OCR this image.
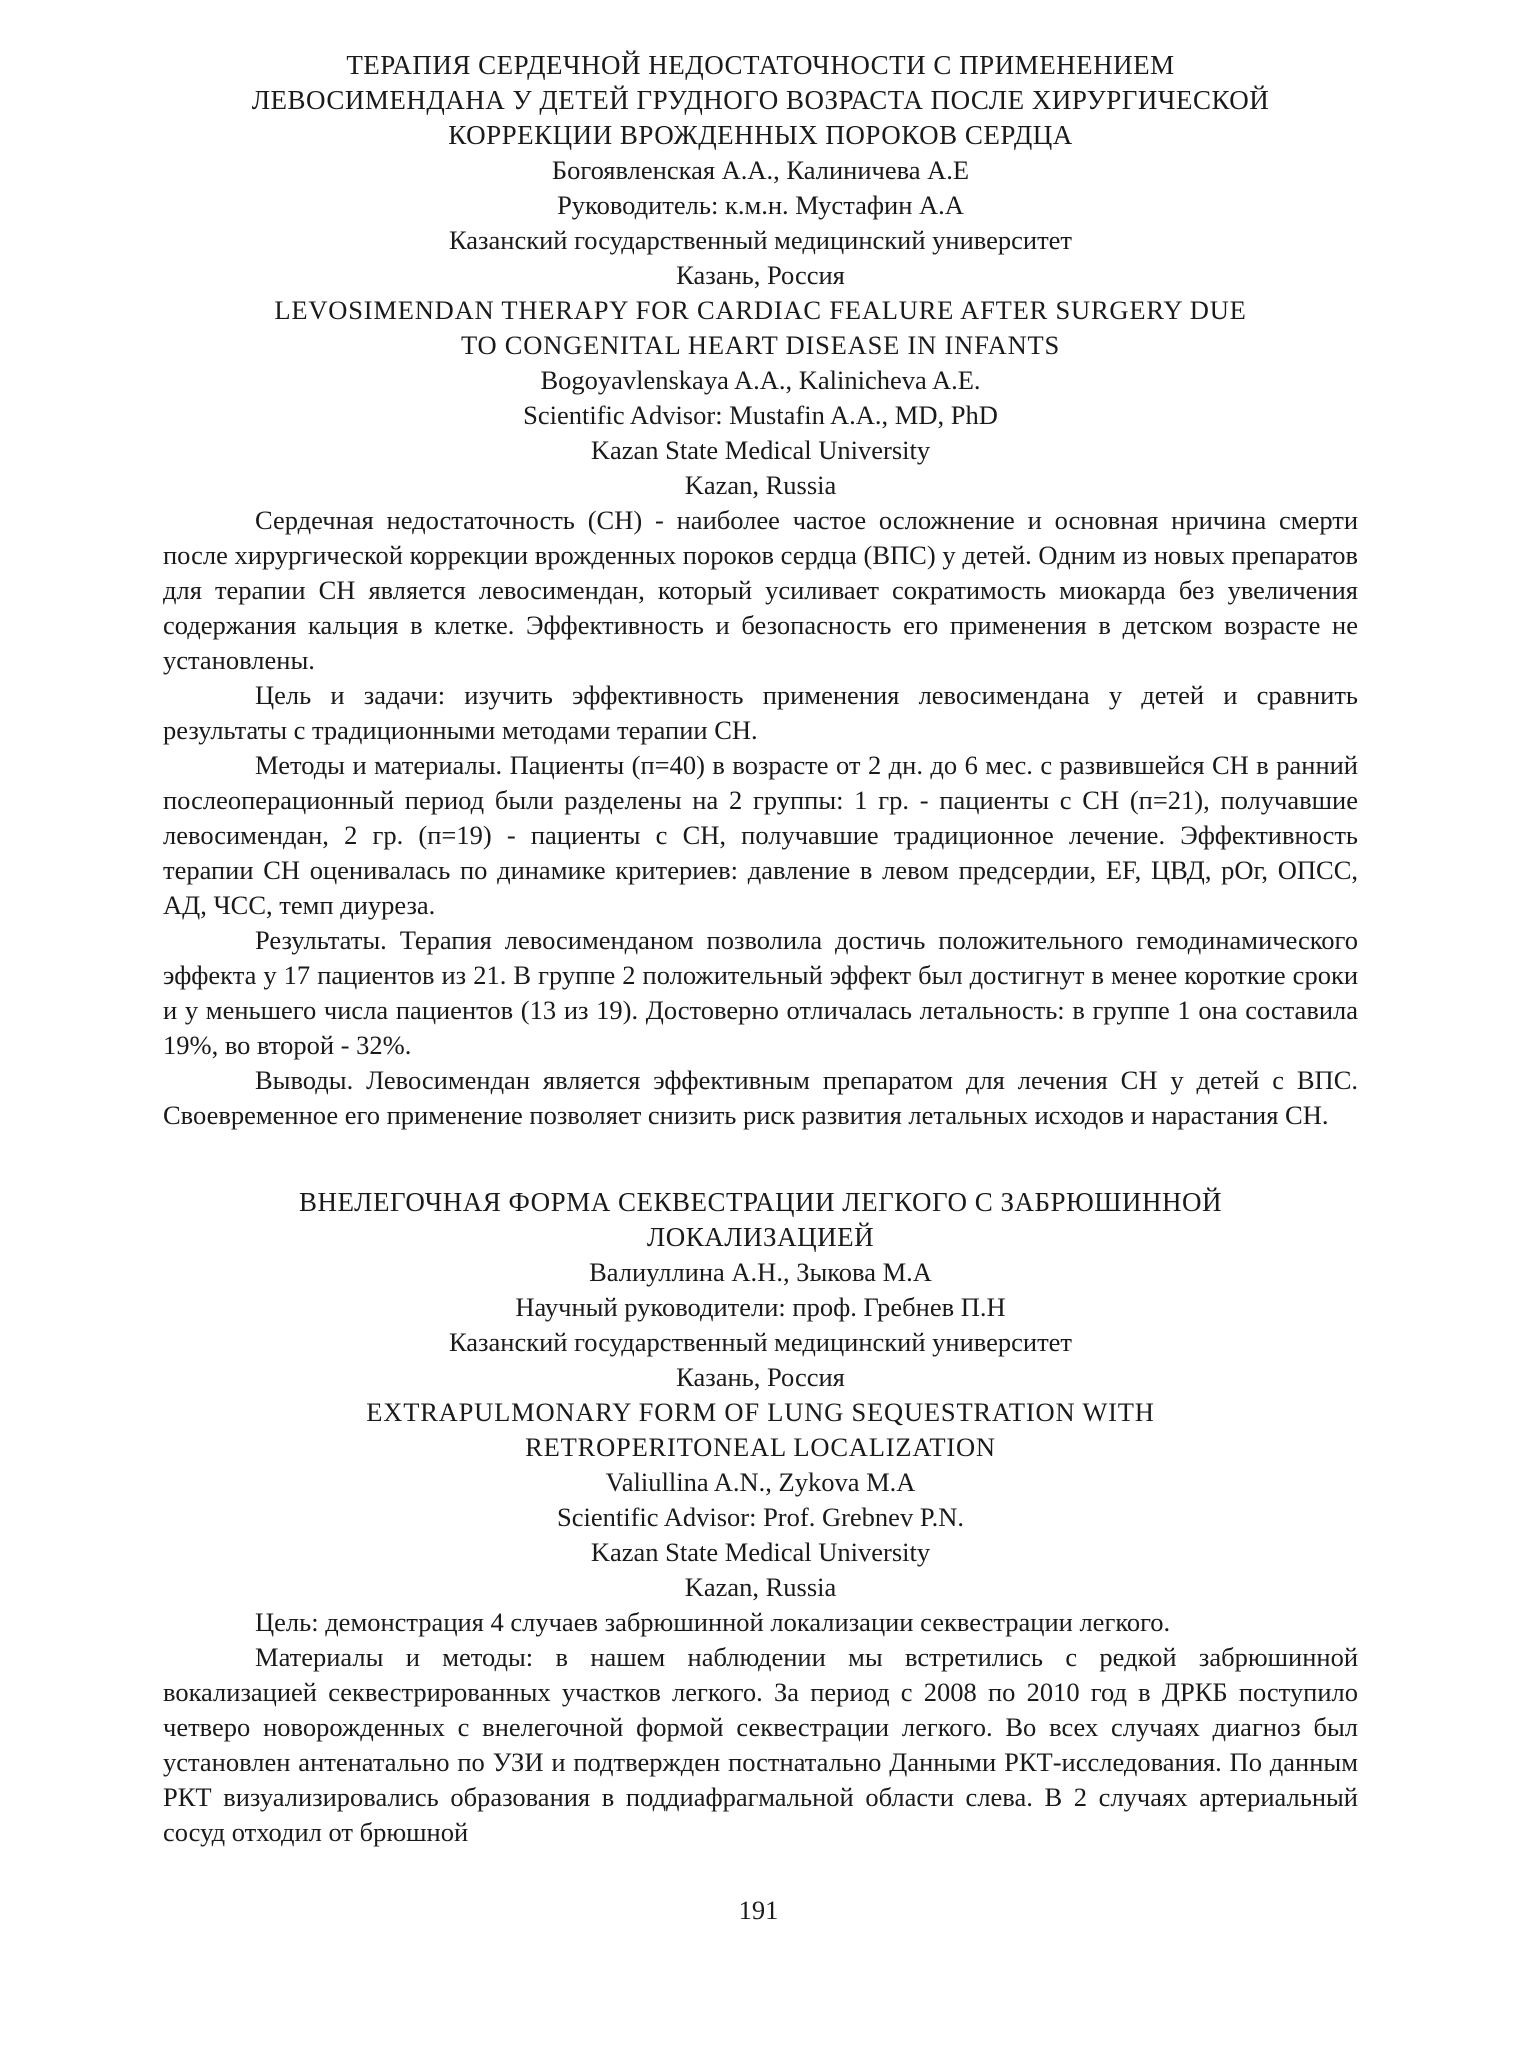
ТЕРАПИЯ СЕРДЕЧНОЙ НЕДОСТАТОЧНОСТИ С ПРИМЕНЕНИЕМ

ЛЕВОСИМЕНДАНА У ДЕТЕЙ ГРУДНОГО ВОЗРАСТА ПОСЛЕ ХИРУРГИЧЕСКОЙ

КОРРЕКЦИИ ВРОЖДЕННЫХ ПОРОКОВ СЕРДЦА

Богоявленская А.А., Калиничева А.Е

Руководитель: к.м.н. Мустафин А.А

Казанский государственный медицинский университет

Казань, Россия

LEVOSIMENDAN THERAPY FOR CARDIAC FEALURE AFTER SURGERY DUE

TO CONGENITAL HEART DISEASE IN INFANTS

Bogoyavlenskaya A.A., Kalinicheva A.E.

Scientific Advisor: Mustafin A.A., MD, PhD

Kazan State Medical University

Kazan, Russia

Сердечная недостаточность (СН) - наиболее частое осложнение и основная нричина смерти после хирургической коррекции врожденных пороков сердца (ВПС) у детей. Одним из новых препаратов для терапии СН является левосимендан, который усиливает сократимость миокарда без увеличения содержания кальция в клетке. Эффективность и безопасность его применения в детском возрасте не установлены.

Цель и задачи: изучить эффективность применения левосимендана у детей и сравнить результаты с традиционными методами терапии СН.

Методы и материалы. Пациенты (п=40) в возрасте от 2 дн. до 6 мес. с развившейся СН в ранний послеоперационный период были разделены на 2 группы: 1 гр. - пациенты с СН (п=21), получавшие левосимендан, 2 гр. (п=19) - пациенты с СН, получавшие традиционное лечение. Эффективность терапии СН оценивалась по динамике критериев: давление в левом предсердии, EF, ЦВД, рОг, ОПСС, АД, ЧСС, темп диуреза.

Результаты. Терапия левосименданом позволила достичь положительного гемодинамического эффекта у 17 пациентов из 21. В группе 2 положительный эффект был достигнут в менее короткие сроки и у меньшего числа пациентов (13 из 19). Достоверно отличалась летальность: в группе 1 она составила 19%, во второй - 32%.

Выводы. Левосимендан является эффективным препаратом для лечения СН у детей с ВПС. Своевременное его применение позволяет снизить риск развития летальных исходов и нарастания СН.

ВНЕЛЕГОЧНАЯ ФОРМА СЕКВЕСТРАЦИИ ЛЕГКОГО С ЗАБРЮШИННОЙ

ЛОКАЛИЗАЦИЕЙ

Валиуллина А.Н., Зыкова М.А

Научный руководители: проф. Гребнев П.Н

Казанский государственный медицинский университет

Казань, Россия

EXTRAPULMONARY FORM OF LUNG SEQUESTRATION WITH

RETROPERITONEAL LOCALIZATION

Valiullina A.N., Zykova M.A

Scientific Advisor: Prof. Grebnev P.N.

Kazan State Medical University

Kazan, Russia

Цель: демонстрация 4 случаев забрюшинной локализации секвестрации легкого.

Материалы и методы: в нашем наблюдении мы встретились с редкой забрюшинной вокализацией секвестрированных участков легкого. За период с 2008 по 2010 год в ДРКБ поступило четверо новорожденных с внелегочной формой секвестрации легкого. Во всех случаях диагноз был установлен антенатально по УЗИ и подтвержден постнатально Данными РКТ-исследования. По данным РКТ визуализировались образования в поддиафрагмальной области слева. В 2 случаях артериальный сосуд отходил от брюшной

191
